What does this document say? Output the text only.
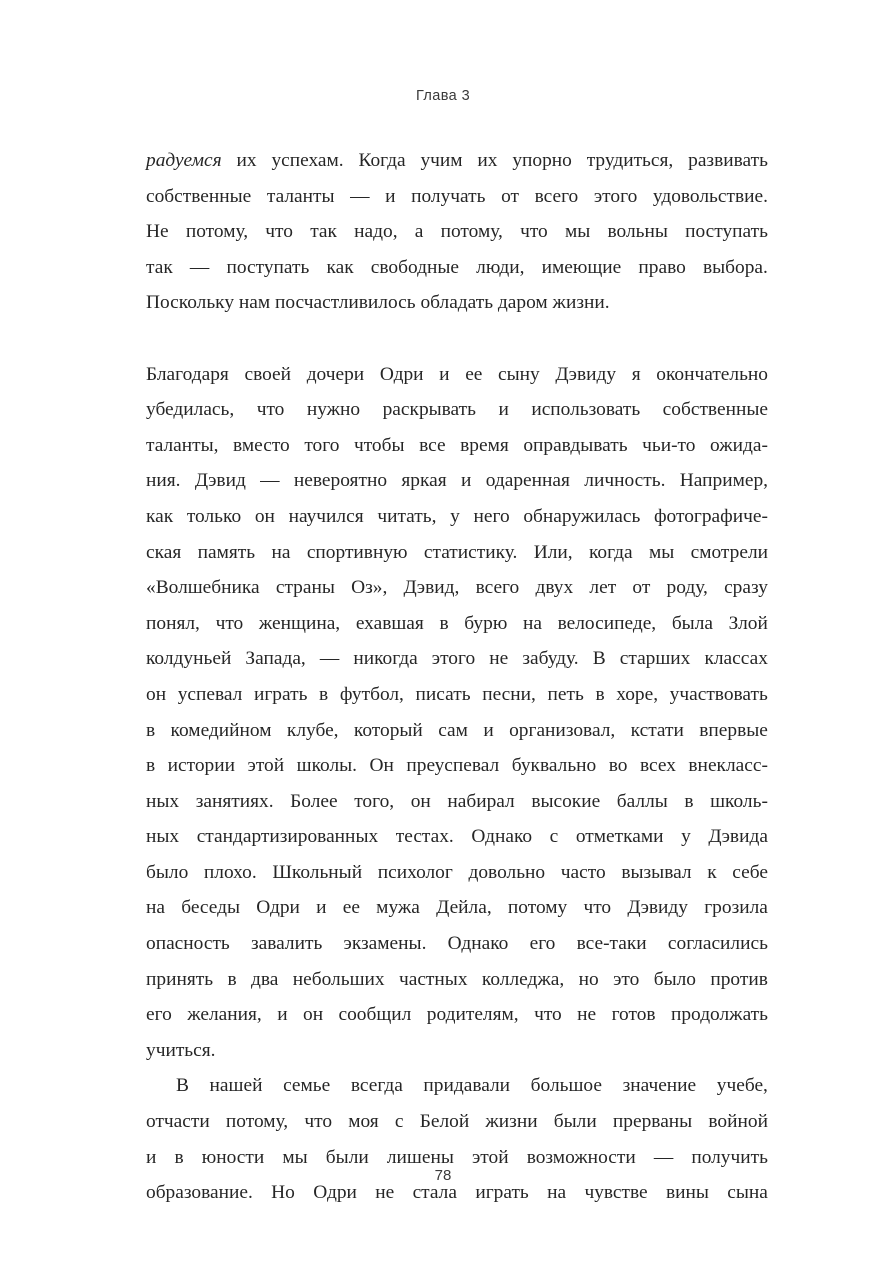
Глава 3

радуемся их успехам. Когда учим их упорно трудиться, развивать
собственные таланты — и получать от всего этого удовольствие.
Не потому, что так надо, а потому, что мы вольны поступать
так — поступать как свободные люди, имеющие право выбора.
Поскольку нам посчастливилось обладать даром жизни.

Благодаря своей дочери Одри и ее сыну Дэвиду я окончательно
убедилась, что нужно раскрывать и использовать собственные
таланты, вместо того чтобы все время оправдывать чьи-то ожида-
ния. Дэвид — невероятно яркая и одаренная личность. Например,
как только он научился читать, у него обнаружилась фотографиче-
ская память на спортивную статистику. Или, когда мы смотрели
«Волшебника страны Оз», Дэвид, всего двух лет от роду, сразу
понял, что женщина, ехавшая в бурю на велосипеде, была Злой
колдуньей Запада, — никогда этого не забуду. В старших классах
он успевал играть в футбол, писать песни, петь в хоре, участвовать
в комедийном клубе, который сам и организовал, кстати впервые
в истории этой школы. Он преуспевал буквально во всех внекласс-
ных занятиях. Более того, он набирал высокие баллы в школь-
ных стандартизированных тестах. Однако с отметками у Дэвида
было плохо. Школьный психолог довольно часто вызывал к себе
на беседы Одри и ее мужа Дейла, потому что Дэвиду грозила
опасность завалить экзамены. Однако его все-таки согласились
принять в два небольших частных колледжа, но это было против
его желания, и он сообщил родителям, что не готов продолжать
учиться.

В нашей семье всегда придавали большое значение учебе,
отчасти потому, что моя с Белой жизни были прерваны войной
и в юности мы были лишены этой возможности — получить
образование. Но Одри не стала играть на чувстве вины сына

78
